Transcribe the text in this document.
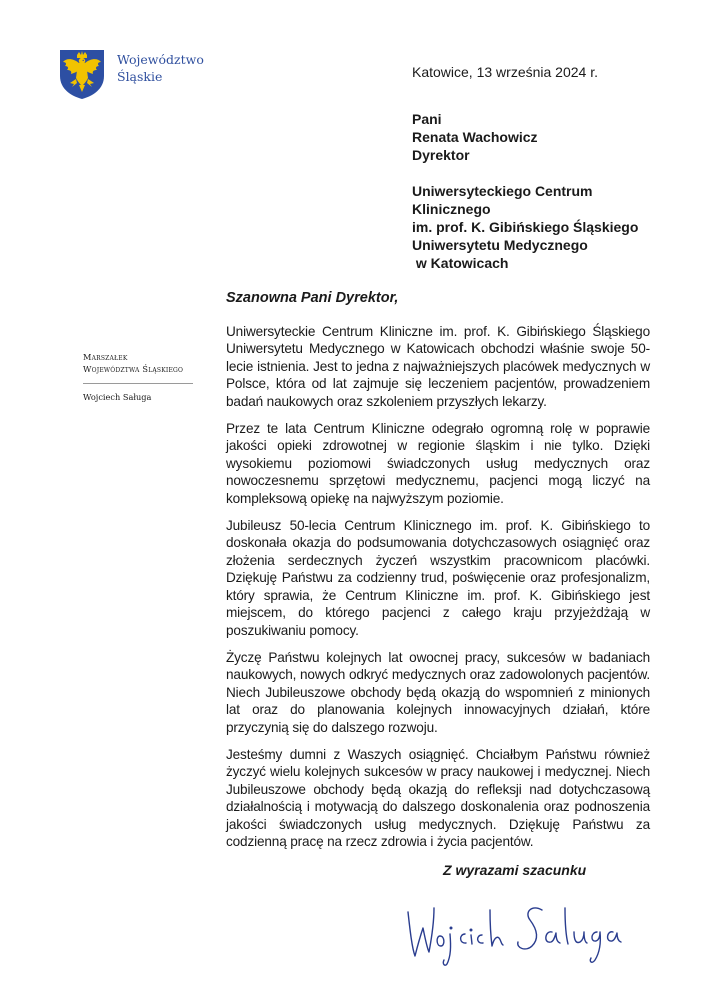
Województwo
Śląskie	Katowice, 13 września 2024 r.
Pani
Renata Wachowicz
Dyrektor
Uniwersyteckiego Centrum
Klinicznego
im. prof. K. Gibińskiego Śląskiego
Uniwersytetu Medycznego
w Katowicach
Szanowna Pani Dyrektor,
Marszałek
Województwa Śląskiego
Wojciech Saługa

Uniwersyteckie Centrum Kliniczne im. prof. K. Gibińskiego Śląskiego Uniwersytetu Medycznego w Katowicach obchodzi właśnie swoje 50-lecie istnienia. Jest to jedna z najważniejszych placówek medycznych w Polsce, która od lat zajmuje się leczeniem pacjentów, prowadzeniem badań naukowych oraz szkoleniem przyszłych lekarzy.

Przez te lata Centrum Kliniczne odegrało ogromną rolę w poprawie jakości opieki zdrowotnej w regionie śląskim i nie tylko. Dzięki wysokiemu poziomowi świadczonych usług medycznych oraz nowoczesnemu sprzętowi medycznemu, pacjenci mogą liczyć na kompleksową opiekę na najwyższym poziomie.

Jubileusz 50-lecia Centrum Klinicznego im. prof. K. Gibińskiego to doskonała okazja do podsumowania dotychczasowych osiągnięć oraz złożenia serdecznych życzeń wszystkim pracownicom placówki. Dziękuję Państwu za codzienny trud, poświęcenie oraz profesjonalizm, który sprawia, że Centrum Kliniczne im. prof. K. Gibińskiego jest miejscem, do którego pacjenci z całego kraju przyjeżdżają w poszukiwaniu pomocy.

Życzę Państwu kolejnych lat owocnej pracy, sukcesów w badaniach naukowych, nowych odkryć medycznych oraz zadowolonych pacjentów. Niech Jubileuszowe obchody będą okazją do wspomnień z minionych lat oraz do planowania kolejnych innowacyjnych działań, które przyczynią się do dalszego rozwoju.

Jesteśmy dumni z Waszych osiągnięć. Chciałbym Państwu również życzyć wielu kolejnych sukcesów w pracy naukowej i medycznej. Niech Jubileuszowe obchody będą okazją do refleksji nad dotychczasową działalnością i motywacją do dalszego doskonalenia oraz podnoszenia jakości świadczonych usług medycznych. Dziękuję Państwu za codzienną pracę na rzecz zdrowia i życia pacjentów.

Z wyrazami szacunku
